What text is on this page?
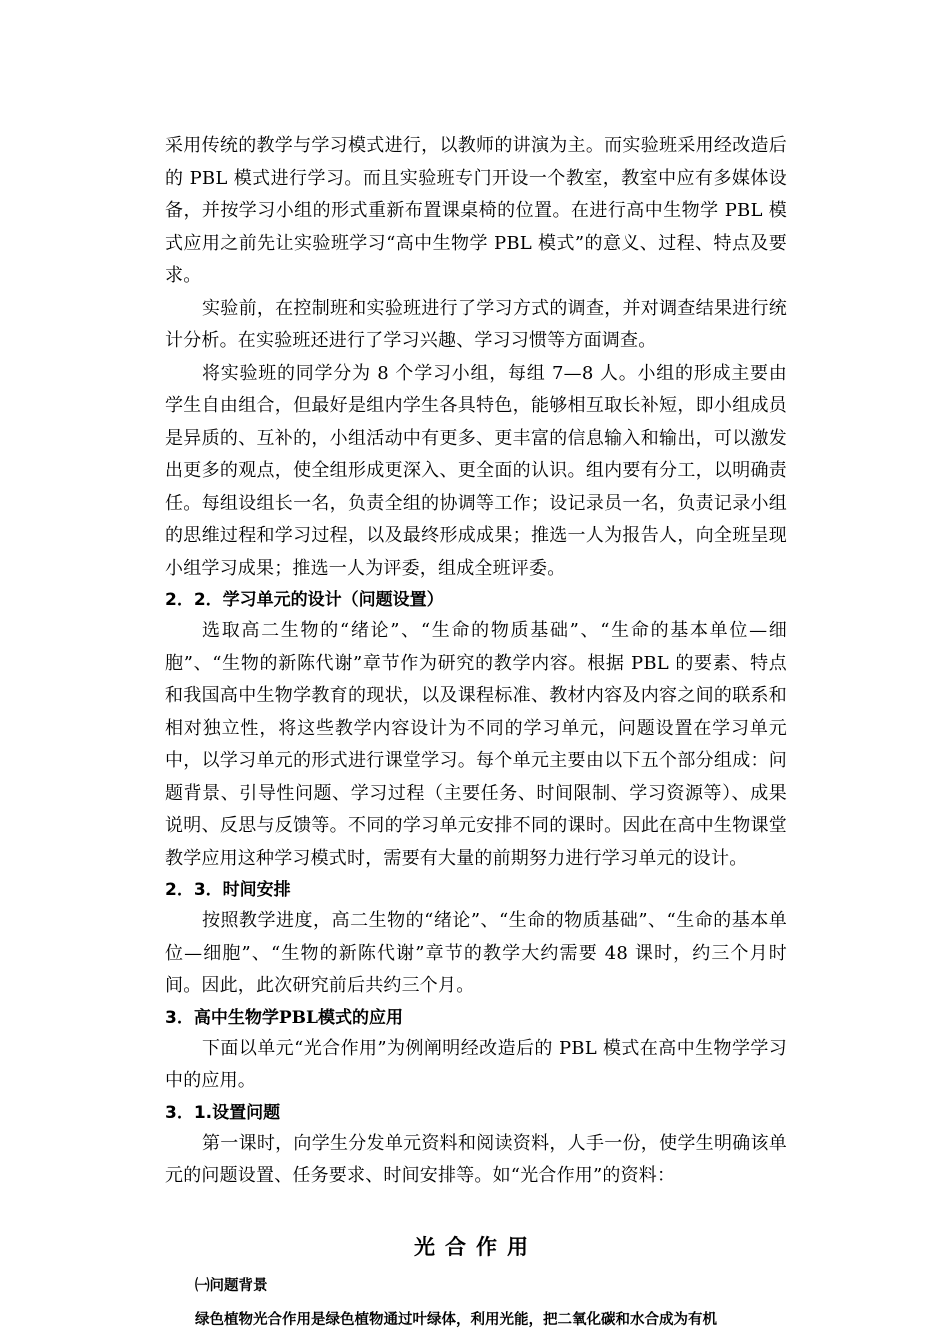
采用传统的教学与学习模式进行，以教师的讲演为主。而实验班采用经改造后的 PBL 模式进行学习。而且实验班专门开设一个教室，教室中应有多媒体设备，并按学习小组的形式重新布置课桌椅的位置。在进行高中生物学 PBL 模式应用之前先让实验班学习“高中生物学 PBL 模式”的意义、过程、特点及要求。

实验前，在控制班和实验班进行了学习方式的调查，并对调查结果进行统计分析。在实验班还进行了学习兴趣、学习习惯等方面调查。

将实验班的同学分为 8 个学习小组，每组 7—8 人。小组的形成主要由学生自由组合，但最好是组内学生各具特色，能够相互取长补短，即小组成员是异质的、互补的，小组活动中有更多、更丰富的信息输入和输出，可以激发出更多的观点，使全组形成更深入、更全面的认识。组内要有分工，以明确责任。每组设组长一名，负责全组的协调等工作；设记录员一名，负责记录小组的思维过程和学习过程，以及最终形成成果；推选一人为报告人，向全班呈现小组学习成果；推选一人为评委，组成全班评委。

2．2．学习单元的设计（问题设置）

选取高二生物的“绪论”、“生命的物质基础”、“生命的基本单位—细胞”、“生物的新陈代谢”章节作为研究的教学内容。根据 PBL 的要素、特点和我国高中生物学教育的现状，以及课程标准、教材内容及内容之间的联系和相对独立性，将这些教学内容设计为不同的学习单元，问题设置在学习单元中，以学习单元的形式进行课堂学习。每个单元主要由以下五个部分组成：问题背景、引导性问题、学习过程（主要任务、时间限制、学习资源等）、成果说明、反思与反馈等。不同的学习单元安排不同的课时。因此在高中生物课堂教学应用这种学习模式时，需要有大量的前期努力进行学习单元的设计。

2．3．时间安排

按照教学进度，高二生物的“绪论”、“生命的物质基础”、“生命的基本单位—细胞”、“生物的新陈代谢”章节的教学大约需要 48 课时，约三个月时间。因此，此次研究前后共约三个月。

3．高中生物学PBL模式的应用

下面以单元“光合作用”为例阐明经改造后的 PBL 模式在高中生物学学习中的应用。

3．1.设置问题

第一课时，向学生分发单元资料和阅读资料，人手一份，使学生明确该单元的问题设置、任务要求、时间安排等。如“光合作用”的资料：

光合作用
㈠问题背景
绿色植物光合作用是绿色植物通过叶绿体，利用光能，把二氧化碳和水合成为有机
